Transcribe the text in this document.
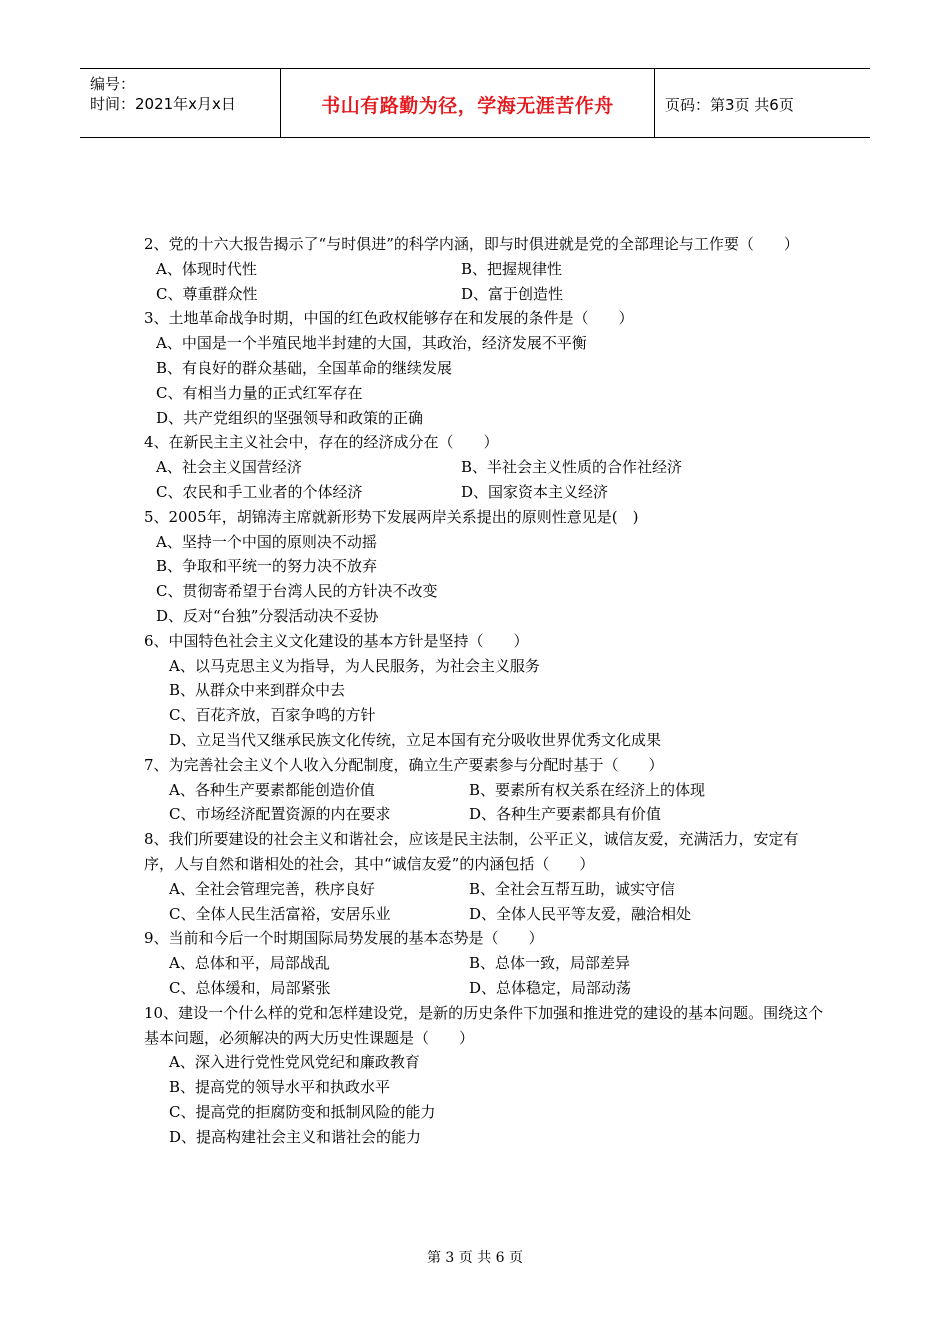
编号：
时间：2021年x月x日	书山有路勤为径，学海无涯苦作舟	页码：第3页 共6页

2、党的十六大报告揭示了“与时俱进”的科学内涵，即与时俱进就是党的全部理论与工作要（　　）

A、体现时代性	B、把握规律性
C、尊重群众性	D、富于创造性

3、土地革命战争时期，中国的红色政权能够存在和发展的条件是（　　）

A、中国是一个半殖民地半封建的大国，其政治，经济发展不平衡

B、有良好的群众基础，全国革命的继续发展

C、有相当力量的正式红军存在

D、共产党组织的坚强领导和政策的正确

4、在新民主主义社会中，存在的经济成分在（　　）

A、社会主义国营经济	B、半社会主义性质的合作社经济
C、农民和手工业者的个体经济	D、国家资本主义经济

5、2005年，胡锦涛主席就新形势下发展两岸关系提出的原则性意见是(　)

A、坚持一个中国的原则决不动摇

B、争取和平统一的努力决不放弃

C、贯彻寄希望于台湾人民的方针决不改变

D、反对“台独”分裂活动决不妥协

6、中国特色社会主义文化建设的基本方针是坚持（　　）

A、以马克思主义为指导，为人民服务，为社会主义服务

B、从群众中来到群众中去

C、百花齐放，百家争鸣的方针

D、立足当代又继承民族文化传统，立足本国有充分吸收世界优秀文化成果

7、为完善社会主义个人收入分配制度，确立生产要素参与分配时基于（　　）

A、各种生产要素都能创造价值	B、要素所有权关系在经济上的体现
C、市场经济配置资源的内在要求	D、各种生产要素都具有价值

8、我们所要建设的社会主义和谐社会，应该是民主法制，公平正义，诚信友爱，充满活力，安定有序，人与自然和谐相处的社会，其中“诚信友爱”的内涵包括（　　）

A、全社会管理完善，秩序良好	B、全社会互帮互助，诚实守信
C、全体人民生活富裕，安居乐业	D、全体人民平等友爱，融洽相处

9、当前和今后一个时期国际局势发展的基本态势是（　　）

A、总体和平，局部战乱	B、总体一致，局部差异
C、总体缓和，局部紧张	D、总体稳定，局部动荡

10、建设一个什么样的党和怎样建设党，是新的历史条件下加强和推进党的建设的基本问题。围绕这个基本问题，必须解决的两大历史性课题是（　　）

A、深入进行党性党风党纪和廉政教育

B、提高党的领导水平和执政水平

C、提高党的拒腐防变和抵制风险的能力

D、提高构建社会主义和谐社会的能力

第 3 页 共 6 页
